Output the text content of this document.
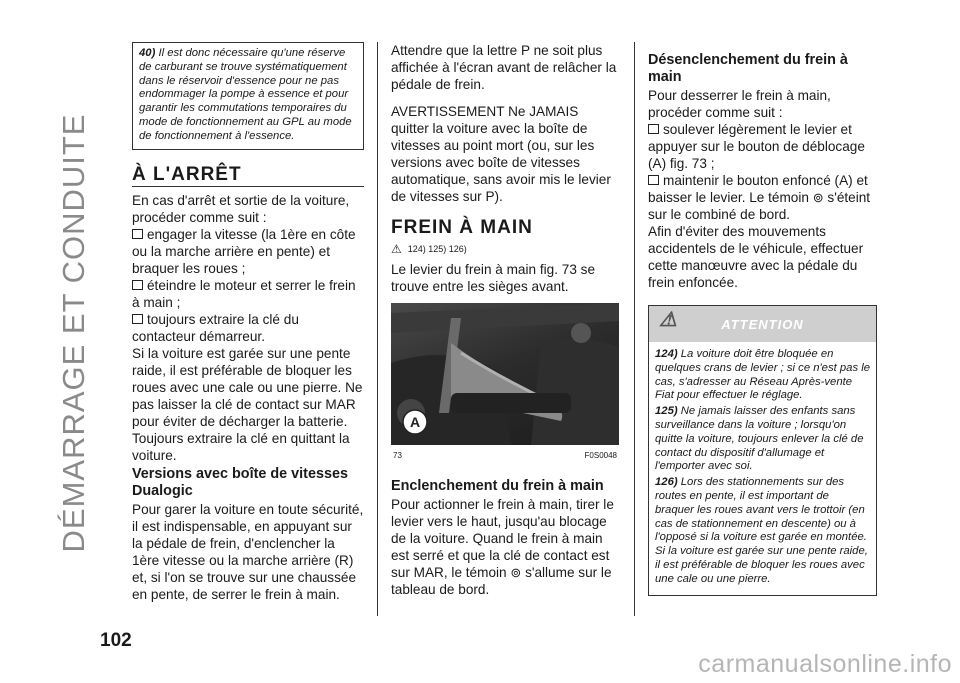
DÉMARRAGE ET CONDUITE
102
carmanualsonline.info
40) Il est donc nécessaire qu'une réserve de carburant se trouve systématiquement dans le réservoir d'essence pour ne pas endommager la pompe à essence et pour garantir les commutations temporaires du mode de fonctionnement au GPL au mode de fonctionnement à l'essence.
À L'ARRÊT

En cas d'arrêt et sortie de la voiture, procéder comme suit :

engager la vitesse (la 1ère en côte ou la marche arrière en pente) et braquer les roues ;

éteindre le moteur et serrer le frein à main ;

toujours extraire la clé du contacteur démarreur.

Si la voiture est garée sur une pente raide, il est préférable de bloquer les roues avec une cale ou une pierre. Ne pas laisser la clé de contact sur MAR pour éviter de décharger la batterie. Toujours extraire la clé en quittant la voiture.

Versions avec boîte de vitesses Dualogic

Pour garer la voiture en toute sécurité, il est indispensable, en appuyant sur la pédale de frein, d'enclencher la 1ère vitesse ou la marche arrière (R) et, si l'on se trouve sur une chaussée en pente, de serrer le frein à main.

Attendre que la lettre P ne soit plus affichée à l'écran avant de relâcher la pédale de frein.

AVERTISSEMENT Ne JAMAIS quitter la voiture avec la boîte de vitesses au point mort (ou, sur les versions avec boîte de vitesses automatique, sans avoir mis le levier de vitesses sur P).

FREIN À MAIN
⚠ 124) 125) 126)

Le levier du frein à main fig. 73 se trouve entre les sièges avant.

A
73	F0S0048
Enclenchement du frein à main

Pour actionner le frein à main, tirer le levier vers le haut, jusqu'au blocage de la voiture. Quand le frein à main est serré et que la clé de contact est sur MAR, le témoin ⊚ s'allume sur le tableau de bord.

Désenclenchement du frein à main

Pour desserrer le frein à main, procéder comme suit :

soulever légèrement le levier et appuyer sur le bouton de déblocage (A) fig. 73 ;

maintenir le bouton enfoncé (A) et baisser le levier. Le témoin ⊚ s'éteint sur le combiné de bord.

Afin d'éviter des mouvements accidentels de le véhicule, effectuer cette manœuvre avec la pédale du frein enfoncée.

⚠	ATTENTION

124) La voiture doit être bloquée en quelques crans de levier ; si ce n'est pas le cas, s'adresser au Réseau Après-vente Fiat pour effectuer le réglage.

125) Ne jamais laisser des enfants sans surveillance dans la voiture ; lorsqu'on quitte la voiture, toujours enlever la clé de contact du dispositif d'allumage et l'emporter avec soi.

126) Lors des stationnements sur des routes en pente, il est important de braquer les roues avant vers le trottoir (en cas de stationnement en descente) ou à l'opposé si la voiture est garée en montée. Si la voiture est garée sur une pente raide, il est préférable de bloquer les roues avec une cale ou une pierre.
